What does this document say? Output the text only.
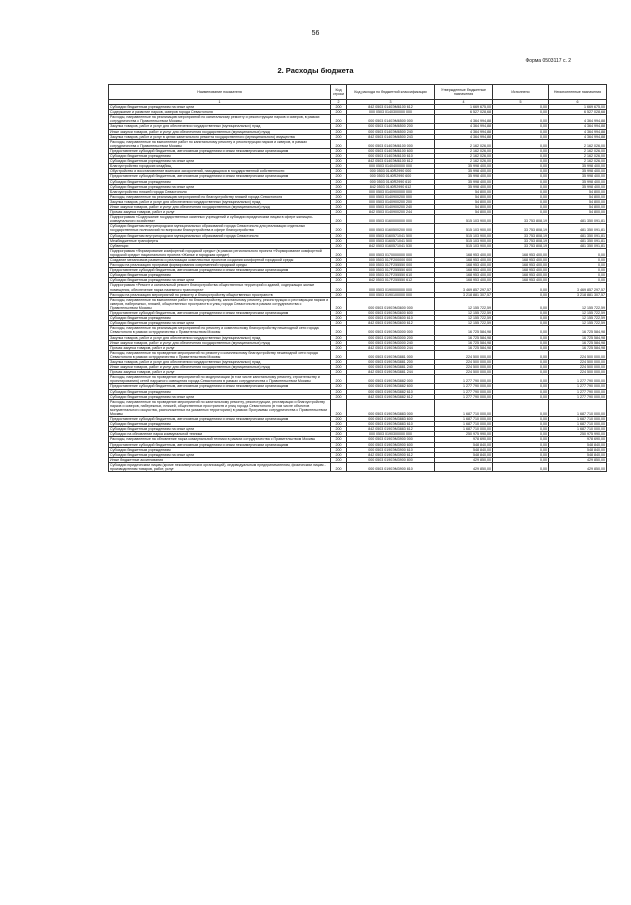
56
Форма 0503117 с. 2
2. Расходы бюджета
Наименование показателя	Код строки	Код расхода по бюджетной классификации	Утвержденные бюджетные назначения	Исполнено	Неисполненные назначения
1	2	3	4	5	6
Субсидии бюджетным учреждениям на иные цели	200	842 0503 0140ЭМ6100 612	1 669 675,00	0,00	1 669 675,00
Содержание и развитие парков, скверов города Севастополя	200	000 0503 0140300000 000	6 527 028,68	0,00	6 527 028,68
Расходы, направленные на реализацию мероприятий по капитальному ремонту и реконструкции парков и скверов, в рамках сотрудничества с Правительством Москвы	200	000 0503 0140ЭМ6500 000	4 364 994,88	0,00	4 364 994,88
Закупка товаров, работ и услуг для обеспечения государственных (муниципальных) нужд	200	000 0503 0140ЭМ6500 200	4 364 994,88	0,00	4 364 994,88
Иные закупки товаров, работ и услуг для обеспечения государственных (муниципальных) нужд	200	000 0503 0140ЭМ6500 240	4 364 994,88	0,00	4 364 994,88
Закупка товаров, работ и услуг в целях капитального ремонта государственного (муниципального) имущества	200	842 0503 0140ЭМ6500 243	4 364 994,88	0,00	4 364 994,88
Расходы, направленные на выполнение работ по капитальному ремонту и реконструкции парков и скверов, в рамках сотрудничества с Правительством Москвы	200	000 0503 0140ЭМ6100 000	2 162 026,00	0,00	2 162 026,00
Предоставление субсидий бюджетным, автономным учреждениям и иным некоммерческим организациям	200	000 0503 0140ЭМ6100 600	2 162 026,00	0,00	2 162 026,00
Субсидии бюджетным учреждениям	200	000 0503 0140ЭМ6100 610	2 162 026,00	0,00	2 162 026,00
Субсидии бюджетным учреждениям на иные цели	200	842 0503 0140ЭМ6100 612	2 162 026,00	0,00	2 162 026,00
Благоустройство городских кладбищ	200	000 0503 0140400000 000	35 998 400,00	0,00	35 998 400,00
Обустройство и восстановление воинских захоронений, находящихся в государственной собственности	200	000 0503 0140R2990 000	35 998 400,00	0,00	35 998 400,00
Предоставление субсидий бюджетным, автономным учреждениям и иным некоммерческим организациям	200	000 0503 0140R2990 600	35 998 400,00	0,00	35 998 400,00
Субсидии бюджетным учреждениям	200	000 0503 0140R2990 610	35 998 400,00	0,00	35 998 400,00
Субсидии бюджетным учреждениям на иные цели	200	842 0503 0140R2990 612	35 998 400,00	0,00	35 998 400,00
Благоустройство пляжей города Севастополя	200	000 0503 0140900000 000	54 800,00	0,00	54 800,00
Расходы, направленные на реализацию мероприятий по благоустройству пляжей города Севастополя	200	000 0503 0140900200 000	54 800,00	0,00	54 800,00
Закупка товаров, работ и услуг для обеспечения государственных (муниципальных) нужд	200	000 0503 0140900200 200	54 800,00	0,00	54 800,00
Иные закупки товаров, работ и услуг для обеспечения государственных (муниципальных) нужд	200	000 0503 0140900200 240	54 800,00	0,00	54 800,00
Прочая закупка товаров, работ и услуг	200	842 0503 0140900200 244	54 800,00	0,00	54 800,00
Подпрограмма «Содержание государственных казенных учреждений и субсидии юридическим лицам в сфере жилищно-коммунального хозяйства»	200	000 0503 0160000000 000	515 103 900,00	33 753 808,19	481 350 091,81
Субсидии бюджетам внутригородских муниципальных образований города Севастополя для реализации отдельных государственных полномочий по вопросам благоустройства в сфере благоустройства	200	000 0503 0160500200 000	515 103 900,00	33 753 808,19	481 350 091,81
Субсидии бюджетам внутригородских муниципальных образований города Севастополя	200	000 0503 0160571041 500	515 103 900,00	33 753 808,19	481 350 091,81
Межбюджетные трансферты	200	000 0503 0160571041 500	515 103 900,00	33 753 808,19	481 350 091,81
Субвенции	200	842 0503 0160571041 530	515 103 900,00	33 753 808,19	481 350 091,81
Подпрограмма «Формирование комфортной городской среды» (в рамках регионального проекта «Формирование комфортной городской среды» национального проекта «Жилье и городская среда»)	200	000 0503 0170000000 000	168 953 400,00	168 953 400,00	0,00
Создание механизмов развития и реализации комплексных проектов создания комфортной городской среды	200	000 0503 017F200000 000	168 953 400,00	168 953 400,00	0,00
Расходы на реализацию программ формирования современной городской среды	200	000 0503 017F255550 000	168 953 400,00	168 953 400,00	0,00
Предоставление субсидий бюджетным, автономным учреждениям и иным некоммерческим организациям	200	000 0503 017F255550 600	168 953 400,00	168 953 400,00	0,00
Субсидии бюджетным учреждениям	200	000 0503 017F255550 610	168 953 400,00	168 953 400,00	0,00
Субсидии бюджетным учреждениям на иные цели	200	842 0503 017F255550 612	168 953 400,00	168 953 400,00	0,00
Подпрограмма «Ремонт и капитальный ремонт благоустройства общественных территорий и зданий, содержащих жилые помещения, обеспечение парка наземного транспорта»	200	000 0503 0190000000 000	3 469 857 297,57	0,00	3 469 857 297,57
Расходы на реализацию мероприятий по ремонту и благоустройству общественных пространств	200	000 0503 0190100000 000	3 218 881 307,57	0,00	3 218 881 307,57
Расходы, направленные на выполнение работ по благоустройству, капитальному ремонту, реконструкции и реставрации парков и скверов, набережных, пляжей, общественных пространств и улиц города Севастополя в рамках сотрудничества с Правительством Москвы	200	000 0503 0190ЭМ3600 000	12 155 722,59	0,00	12 155 722,59
Предоставление субсидий бюджетным, автономным учреждениям и иным некоммерческим организациям	200	000 0503 0190ЭМ3600 600	12 155 722,59	0,00	12 155 722,59
Субсидии бюджетным учреждениям	200	000 0503 0190ЭМ3600 610	12 155 722,59	0,00	12 155 722,59
Субсидии бюджетным учреждениям на иные цели	200	842 0503 0190ЭМ3600 612	12 155 722,59	0,00	12 155 722,59
Расходы, направленные на реализацию мероприятий по ремонту и комплексному благоустройству пешеходной сети города Севастополя в рамках сотрудничества с Правительством Москвы	200	000 0503 0190ЭМ3000 000	16 725 584,98	0,00	16 725 584,98
Закупка товаров, работ и услуг для обеспечения государственных (муниципальных) нужд	200	000 0503 0190ЭМ3000 200	16 725 584,98	0,00	16 725 584,98
Иные закупки товаров, работ и услуг для обеспечения государственных (муниципальных) нужд	200	000 0503 0190ЭМ3000 240	16 725 584,98	0,00	16 725 584,98
Прочая закупка товаров, работ и услуг	200	842 0503 0190ЭМ3000 244	16 725 584,98	0,00	16 725 584,98
Расходы, направленные на проведение мероприятий по ремонту и комплексному благоустройству пешеходной сети города Севастополя в рамках сотрудничества с Правительством Москвы	200	000 0503 0190ЭМ3881 000	224 500 000,00	0,00	224 500 000,00
Закупка товаров, работ и услуг для обеспечения государственных (муниципальных) нужд	200	000 0503 0190ЭМ3881 200	224 500 000,00	0,00	224 500 000,00
Иные закупки товаров, работ и услуг для обеспечения государственных (муниципальных) нужд	200	000 0503 0190ЭМ3881 240	224 500 000,00	0,00	224 500 000,00
Прочая закупка товаров, работ и услуг	200	842 0503 0190ЭМ3881 244	224 500 000,00	0,00	224 500 000,00
Расходы, направленные на проведение мероприятий по модернизации (в том числе капитальному ремонту, строительству и проектированию) сетей наружного освещения города Севастополя в рамках сотрудничества с Правительством Москвы	200	000 0503 0190ЭМ3882 000	1 277 790 000,00	0,00	1 277 790 000,00
Предоставление субсидий бюджетным, автономным учреждениям и иным некоммерческим организациям	200	000 0503 0190ЭМ3882 600	1 277 790 000,00	0,00	1 277 790 000,00
Субсидии бюджетным учреждениям	200	000 0503 0190ЭМ3882 610	1 277 790 000,00	0,00	1 277 790 000,00
Субсидии бюджетным учреждениям на иные цели	200	842 0503 0190ЭМ3882 612	1 277 790 000,00	0,00	1 277 790 000,00
Расходы, направленные на проведение мероприятий по капитальному ремонту, реконструкции, реставрации и благоустройству парков и скверов, набережных, пляжей, общественных пространств и улиц города Севастополя (в том числе объектов монументального искусства, расположенных на указанных территориях) в рамках Программы сотрудничества с Правительством Москвы	200	000 0503 0190ЭМ3883 000	1 687 710 000,00	0,00	1 687 710 000,00
Предоставление субсидий бюджетным, автономным учреждениям и иным некоммерческим организациям	200	000 0503 0190ЭМ3883 600	1 687 710 000,00	0,00	1 687 710 000,00
Субсидии бюджетным учреждениям	200	000 0503 0190ЭМ3883 610	1 687 710 000,00	0,00	1 687 710 000,00
Субсидии бюджетным учреждениям на иные цели	200	842 0503 0190ЭМ3883 612	1 687 710 000,00	0,00	1 687 710 000,00
Субсидии на обновление парка коммунальной техники	200	000 0503 0190300000 000	250 975 990,00	0,00	250 975 990,00
Расходы, направленные на обновление парка коммунальной техники в рамках сотрудничества с Правительством Москвы	200	000 0503 0190ЭМ3900 000	978 690,00	0,00	978 690,00
Предоставление субсидий бюджетным, автономным учреждениям и иным некоммерческим организациям	200	000 0503 0190ЭМ3900 600	548 840,00	0,00	548 840,00
Субсидии бюджетным учреждениям	200	000 0503 0190ЭМ3900 610	548 840,00	0,00	548 840,00
Субсидии бюджетным учреждениям на иные цели	200	842 0503 0190ЭМ3900 612	548 840,00	0,00	548 840,00
Иные бюджетные ассигнования	200	000 0503 0190ЭМ3900 800	429 850,00	0,00	429 850,00
Субсидии юридическим лицам (кроме некоммерческих организаций), индивидуальным предпринимателям, физическим лицам - производителям товаров, работ, услуг	200	000 0503 0190ЭМ3900 810	429 850,00	0,00	429 850,00
